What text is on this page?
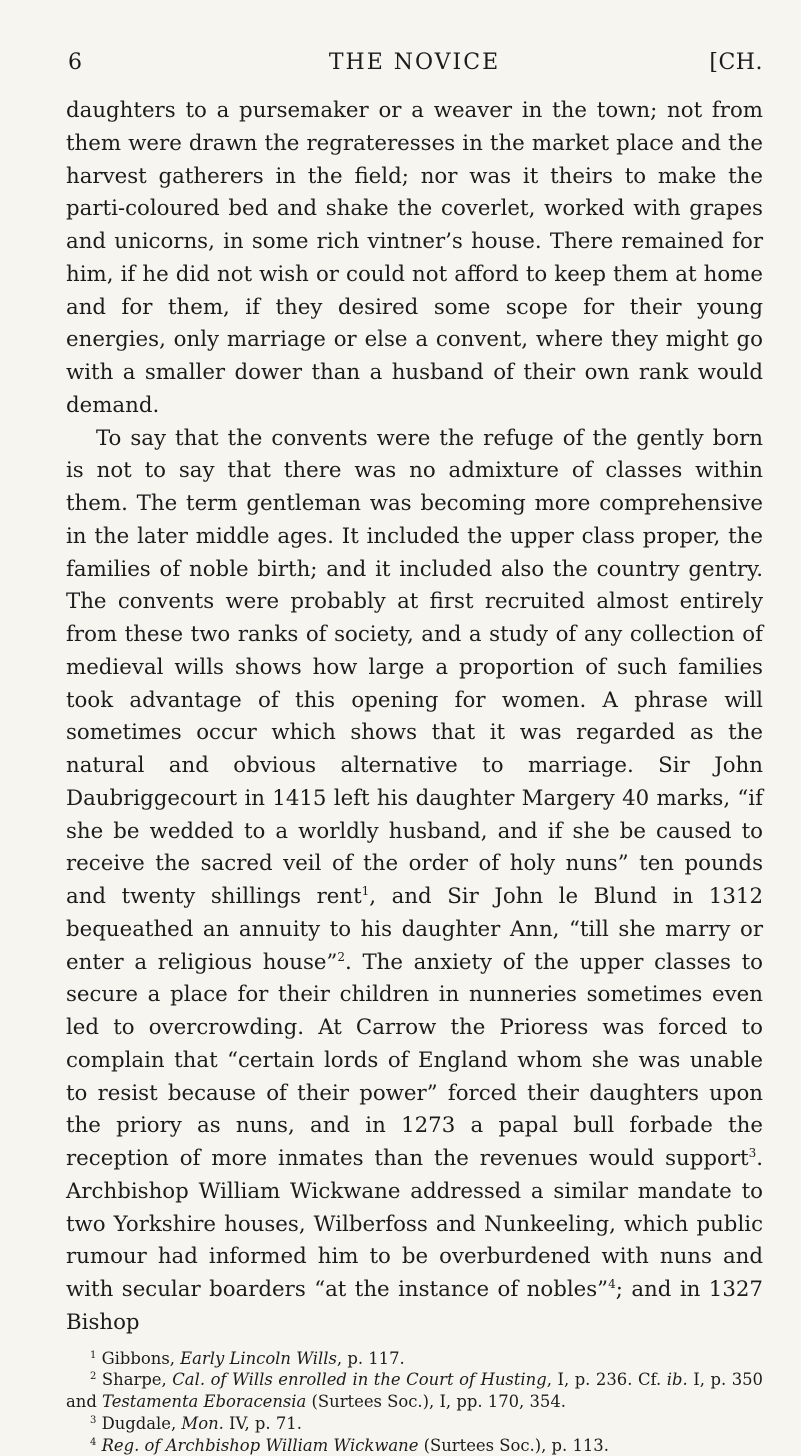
6	THE NOVICE	[CH.

daughters to a pursemaker or a weaver in the town; not from them were drawn the regrateresses in the market place and the harvest gatherers in the field; nor was it theirs to make the parti-coloured bed and shake the coverlet, worked with grapes and unicorns, in some rich vintner’s house. There remained for him, if he did not wish or could not afford to keep them at home and for them, if they desired some scope for their young energies, only marriage or else a convent, where they might go with a smaller dower than a husband of their own rank would demand.

To say that the convents were the refuge of the gently born is not to say that there was no admixture of classes within them. The term gentleman was becoming more comprehensive in the later middle ages. It included the upper class proper, the families of noble birth; and it included also the country gentry. The convents were probably at first recruited almost entirely from these two ranks of society, and a study of any collection of medieval wills shows how large a proportion of such families took advantage of this opening for women. A phrase will sometimes occur which shows that it was regarded as the natural and obvious alternative to marriage. Sir John Daubriggecourt in 1415 left his daughter Margery 40 marks, “if she be wedded to a worldly husband, and if she be caused to receive the sacred veil of the order of holy nuns” ten pounds and twenty shillings rent$^1$, and Sir John le Blund in 1312 bequeathed an annuity to his daughter Ann, “till she marry or enter a religious house”$^2$. The anxiety of the upper classes to secure a place for their children in nunneries sometimes even led to overcrowding. At Carrow the Prioress was forced to complain that “certain lords of England whom she was unable to resist because of their power” forced their daughters upon the priory as nuns, and in 1273 a papal bull forbade the reception of more inmates than the revenues would support$^3$. Archbishop William Wickwane addressed a similar mandate to two Yorkshire houses, Wilberfoss and Nunkeeling, which public rumour had informed him to be overburdened with nuns and with secular boarders “at the instance of nobles”$^4$; and in 1327 Bishop

$^1$ Gibbons, Early Lincoln Wills, p. 117.

$^2$ Sharpe, Cal. of Wills enrolled in the Court of Husting, I, p. 236. Cf. ib. I, p. 350 and Testamenta Eboracensia (Surtees Soc.), I, pp. 170, 354.

$^3$ Dugdale, Mon. IV, p. 71.

$^4$ Reg. of Archbishop William Wickwane (Surtees Soc.), p. 113.
